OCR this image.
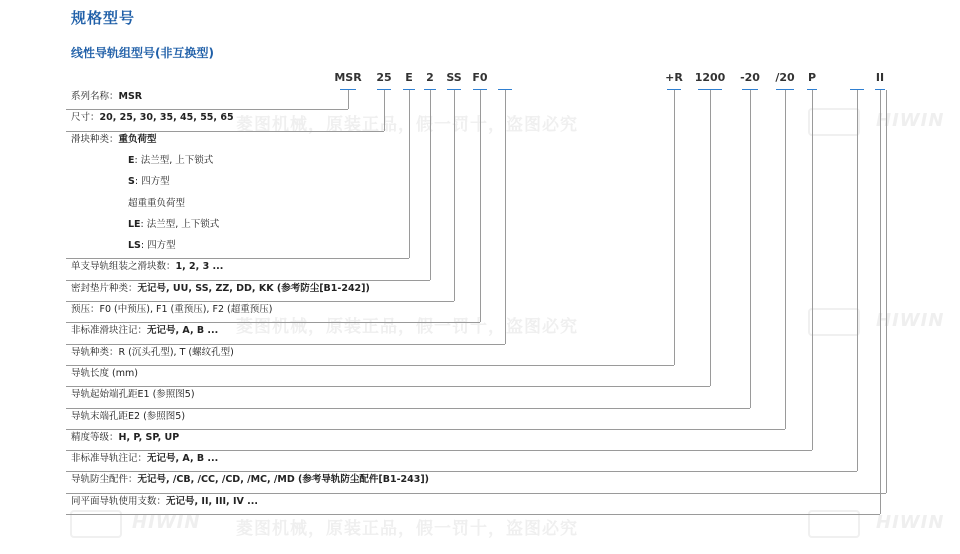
菱图机械，原装正品，假一罚十，盗图必究	HIWIN
菱图机械，原装正品，假一罚十，盗图必究	HIWIN
菱图机械，原装正品，假一罚十，盗图必究	HIWIN
HIWIN
规格型号
线性导轨组型号(非互换型)
MSR 25 E 2 SS F0	+R 1200 -20 /20 P	II
系列名称：MSR
尺寸：20, 25, 30, 35, 45, 55, 65
滑块种类：重负荷型
E: 法兰型, 上下锁式
S: 四方型
超重重负荷型
LE: 法兰型, 上下锁式
LS: 四方型
单支导轨组装之滑块数：1, 2, 3 ...
密封垫片种类：无记号, UU, SS, ZZ, DD, KK (参考防尘[B1-242])
预压：F0 (中预压), F1 (重预压), F2 (超重预压)
非标准滑块注记：无记号, A, B ...
导轨种类：R (沉头孔型), T (螺纹孔型)
导轨长度 (mm)
导轨起始端孔距E1 (参照图5)
导轨末端孔距E2 (参照图5)
精度等级：H, P, SP, UP
非标准导轨注记：无记号, A, B ...
导轨防尘配件：无记号, /CB, /CC, /CD, /MC, /MD (参考导轨防尘配件[B1-243])
同平面导轨使用支数：无记号, II, III, IV ...
